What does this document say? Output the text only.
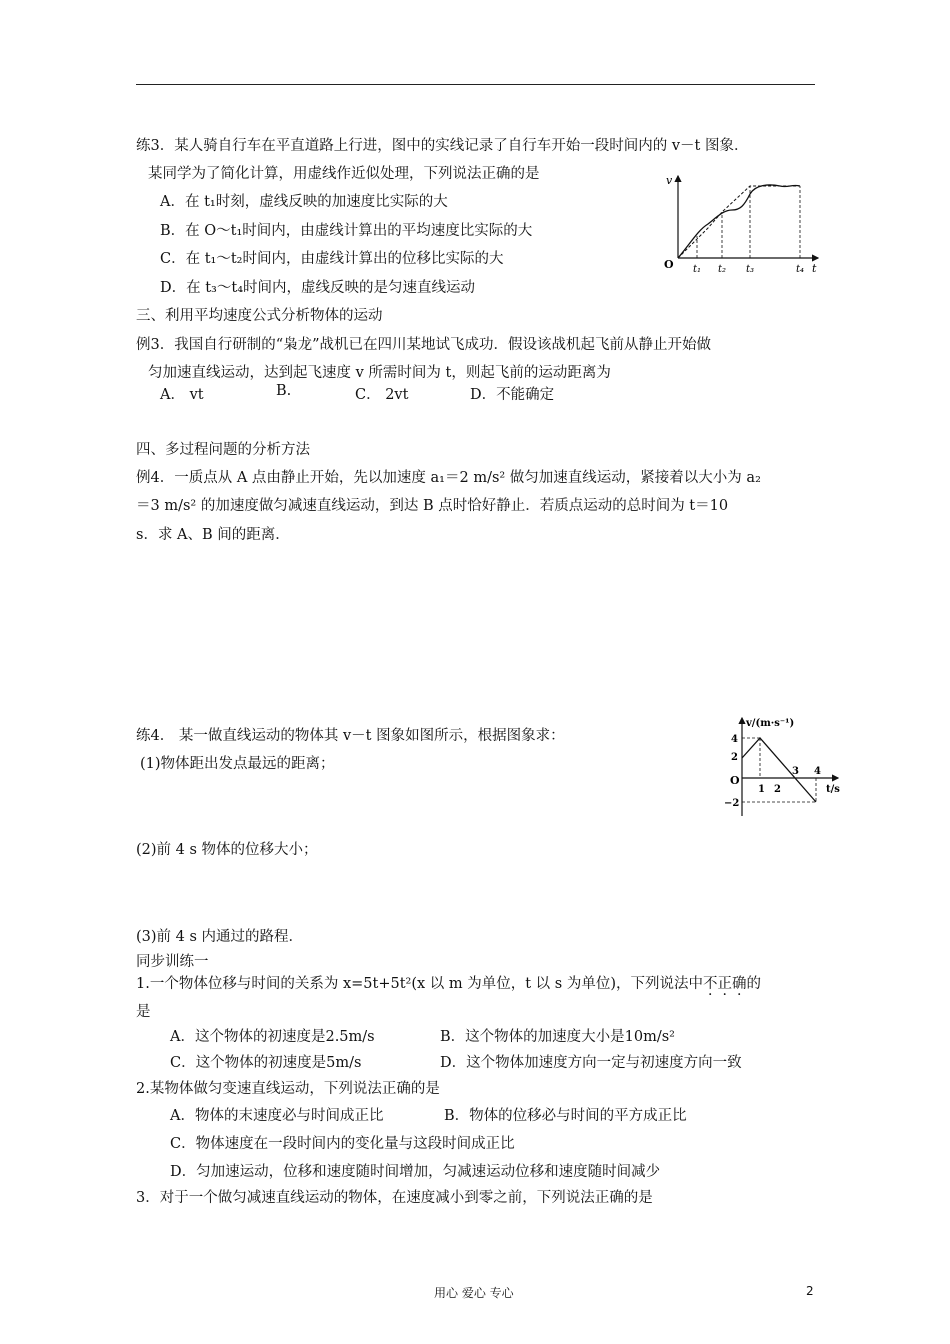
练3．某人骑自行车在平直道路上行进，图中的实线记录了自行车开始一段时间内的 v－t 图象．
某同学为了简化计算，用虚线作近似处理，下列说法正确的是
A．在 t₁时刻，虚线反映的加速度比实际的大
B．在 O～t₁时间内，由虚线计算出的平均速度比实际的大
C．在 t₁～t₂时间内，由虚线计算出的位移比实际的大
D．在 t₃～t₄时间内，虚线反映的是匀速直线运动
v
t
O t₁ t₂ t₃	t₄
三、利用平均速度公式分析物体的运动
例3．我国自行研制的“枭龙”战机已在四川某地试飞成功．假设该战机起飞前从静止开始做
匀加速直线运动，达到起飞速度 v 所需时间为 t，则起飞前的运动距离为
A． vt	B.	C． 2vt	D．不能确定
四、多过程问题的分析方法
例4．一质点从 A 点由静止开始，先以加速度 a₁＝2 m/s² 做匀加速直线运动，紧接着以大小为 a₂
＝3 m/s² 的加速度做匀减速直线运动，到达 B 点时恰好静止．若质点运动的总时间为 t＝10
s．求 A、B 间的距离．
练4． 某一做直线运动的物体其 v－t 图象如图所示，根据图象求：
(1)物体距出发点最远的距离；
(2)前 4 s 物体的位移大小；
(3)前 4 s 内通过的路程．
v/(m·s⁻¹)
t/s
O
4
2
−2
1 2
3 4
同步训练一
1.一个物体位移与时间的关系为 x=5t+5t²(x 以 m 为单位，t 以 s 为单位)，下列说法中不正确的
是
A．这个物体的初速度是2.5m/s	B．这个物体的加速度大小是10m/s²
C．这个物体的初速度是5m/s	D．这个物体加速度方向一定与初速度方向一致
2.某物体做匀变速直线运动，下列说法正确的是
A．物体的末速度必与时间成正比	B．物体的位移必与时间的平方成正比
C．物体速度在一段时间内的变化量与这段时间成正比
D．匀加速运动，位移和速度随时间增加，匀减速运动位移和速度随时间减少
3．对于一个做匀减速直线运动的物体，在速度减小到零之前，下列说法正确的是
用心 爱心 专心	2
